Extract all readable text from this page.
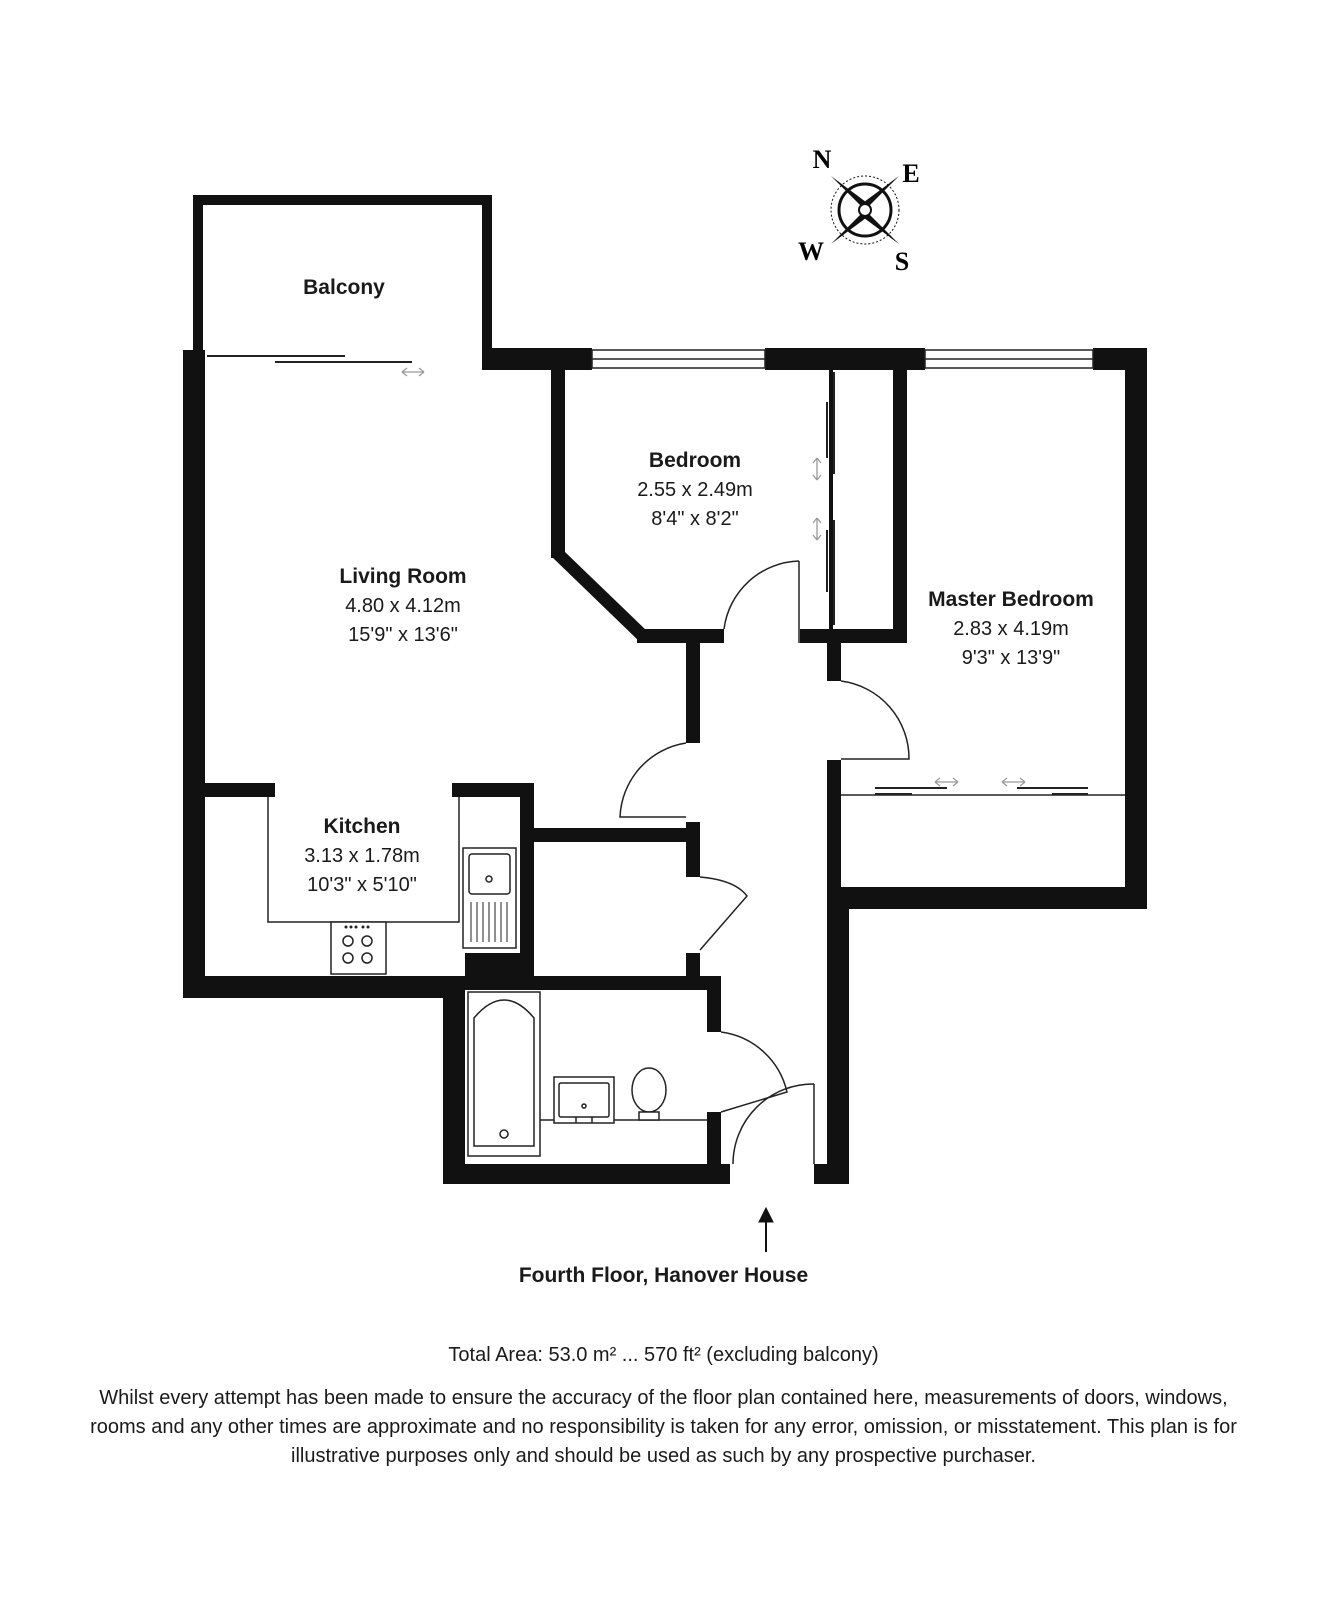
N	E
S
W
Balcony
Living Room
4.80 x 4.12m
15'9" x 13'6"
Bedroom
2.55 x 2.49m
8'4" x 8'2"
Master Bedroom
2.83 x 4.19m
9'3" x 13'9"
Kitchen
3.13 x 1.78m
10'3" x 5'10"
Fourth Floor, Hanover House
Total Area: 53.0 m² ... 570 ft² (excluding balcony)
Whilst every attempt has been made to ensure the accuracy of the floor plan contained here, measurements of doors, windows, rooms and any other times are approximate and no responsibility is taken for any error, omission, or misstatement. This plan is for illustrative purposes only and should be used as such by any prospective purchaser.
